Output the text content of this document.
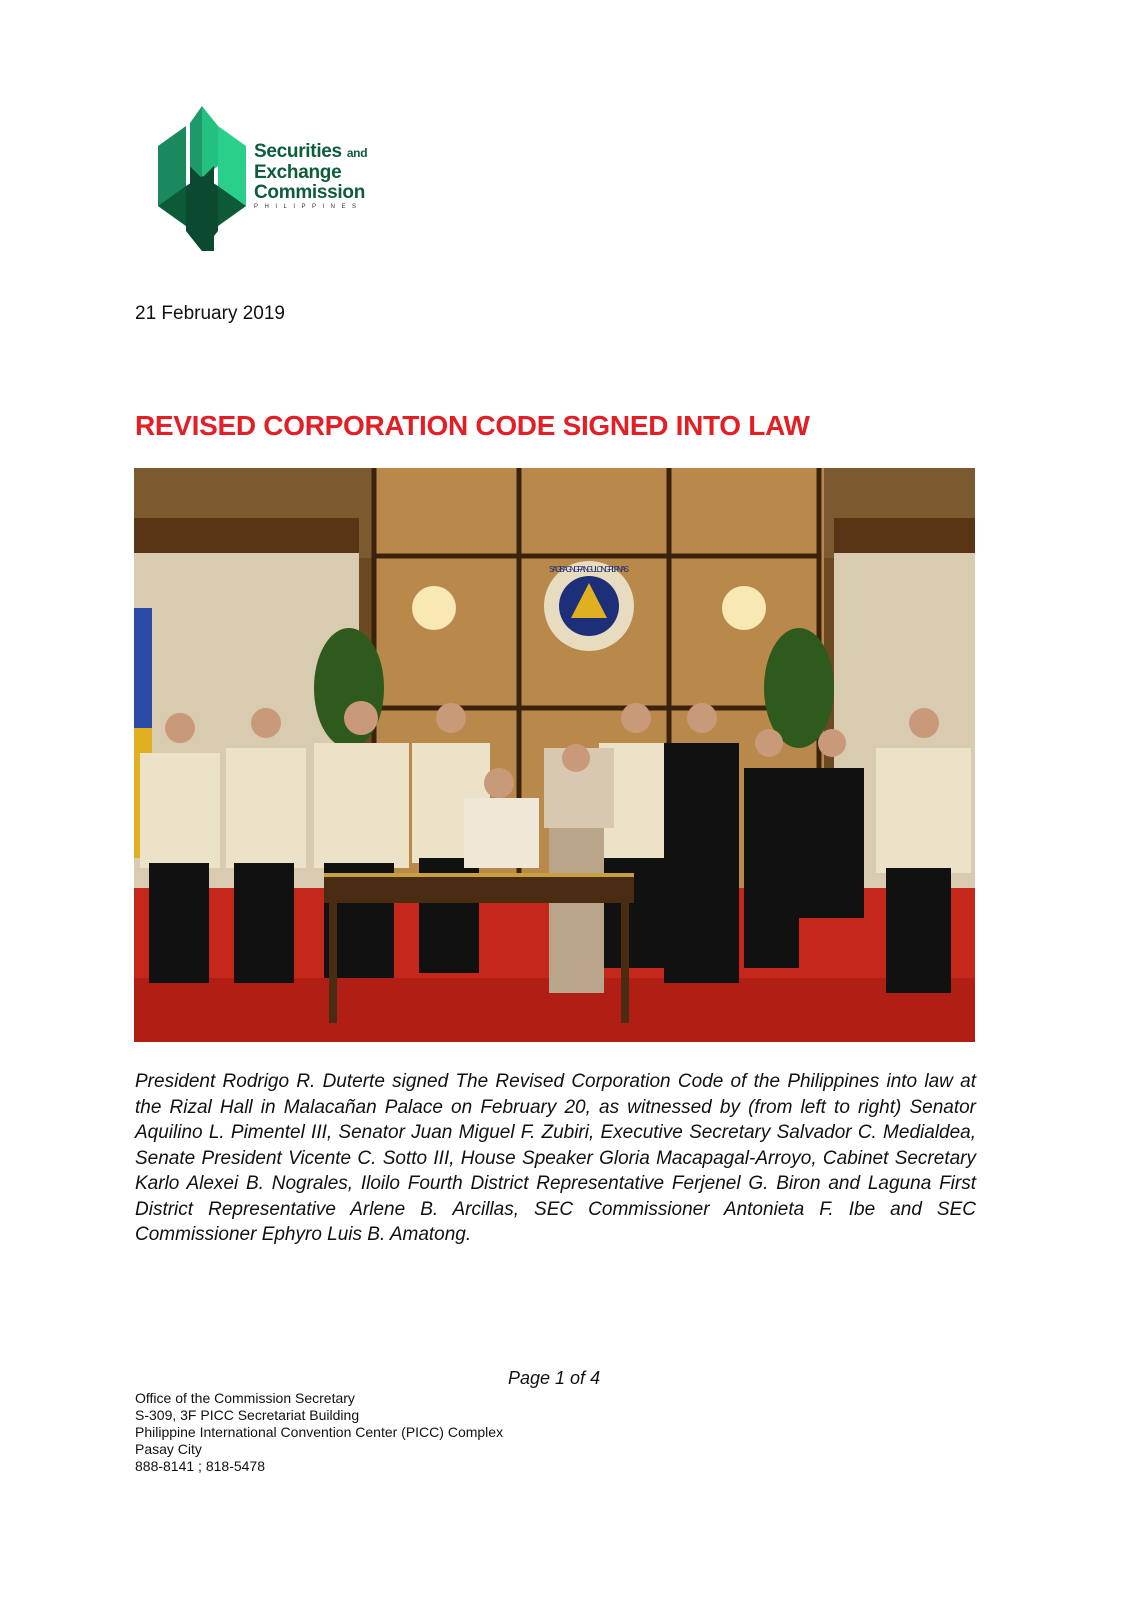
Securities and
Exchange
Commission
PHILIPPINES
21 February 2019
REVISED CORPORATION CODE SIGNED INTO LAW
SAGISAG NG PANGULO NG PILIPINAS
President Rodrigo R. Duterte signed The Revised Corporation Code of the Philippines into law at the Rizal Hall in Malacañan Palace on February 20, as witnessed by (from left to right) Senator Aquilino L. Pimentel III, Senator Juan Miguel F. Zubiri, Executive Secretary Salvador C. Medialdea, Senate President Vicente C. Sotto III, House Speaker Gloria Macapagal-Arroyo, Cabinet Secretary Karlo Alexei B. Nograles, Iloilo Fourth District Representative Ferjenel G. Biron and Laguna First District Representative Arlene B. Arcillas, SEC Commissioner Antonieta F. Ibe and SEC Commissioner Ephyro Luis B. Amatong.
Page 1 of 4
Office of the Commission Secretary
S-309, 3F PICC Secretariat Building
Philippine International Convention Center (PICC) Complex
Pasay City
888-8141 ; 818-5478
